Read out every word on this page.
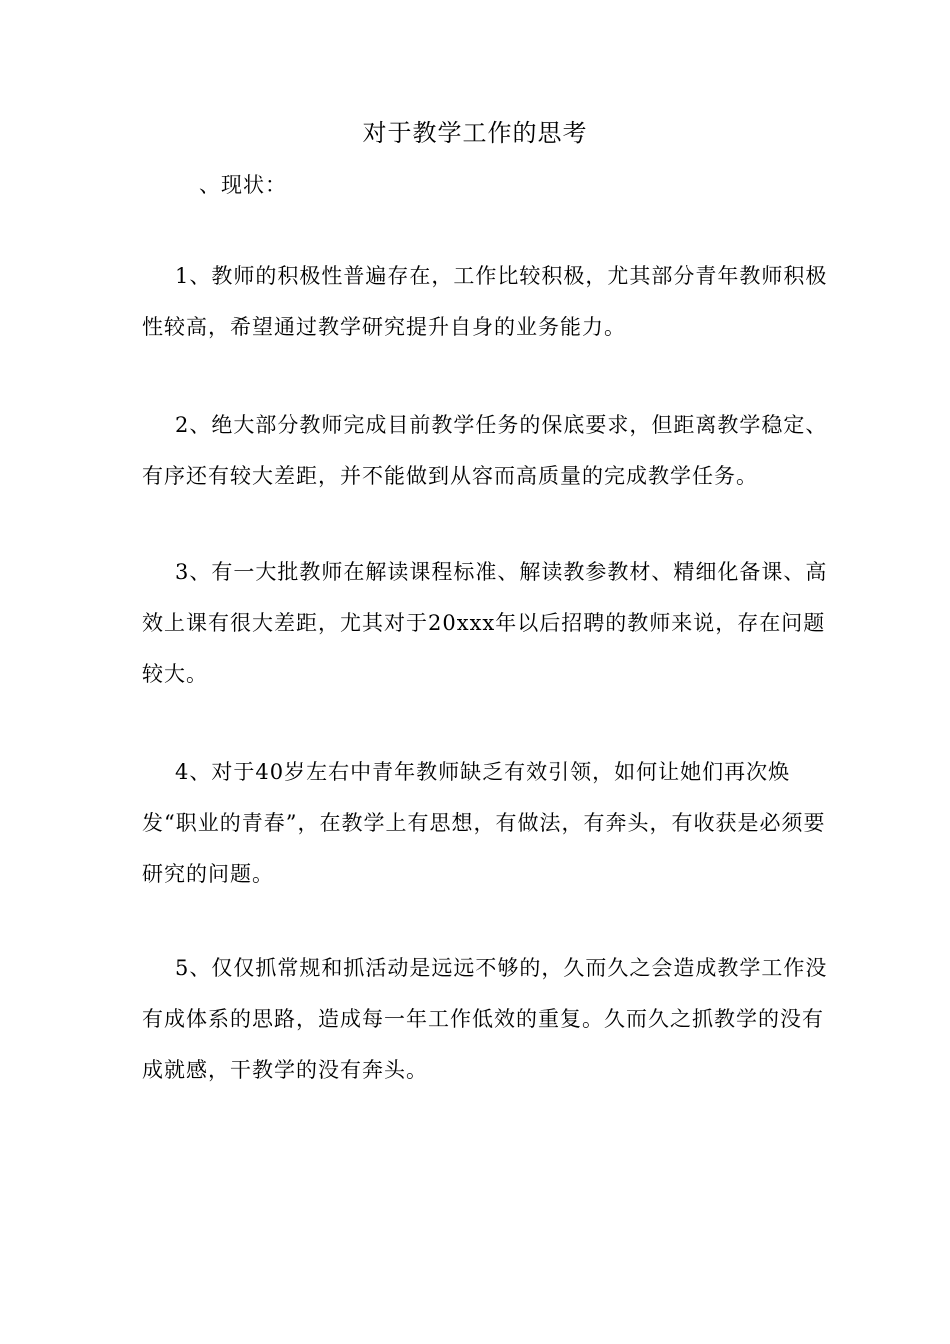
对于教学工作的思考
、现状：

1、教师的积极性普遍存在，工作比较积极，尤其部分青年教师积极性较高，希望通过教学研究提升自身的业务能力。

2、绝大部分教师完成目前教学任务的保底要求，但距离教学稳定、有序还有较大差距，并不能做到从容而高质量的完成教学任务。

3、有一大批教师在解读课程标准、解读教参教材、精细化备课、高效上课有很大差距，尤其对于20xxx年以后招聘的教师来说，存在问题较大。

4、对于40岁左右中青年教师缺乏有效引领，如何让她们再次焕发“职业的青春”，在教学上有思想，有做法，有奔头，有收获是必须要研究的问题。

5、仅仅抓常规和抓活动是远远不够的，久而久之会造成教学工作没有成体系的思路，造成每一年工作低效的重复。久而久之抓教学的没有成就感，干教学的没有奔头。
